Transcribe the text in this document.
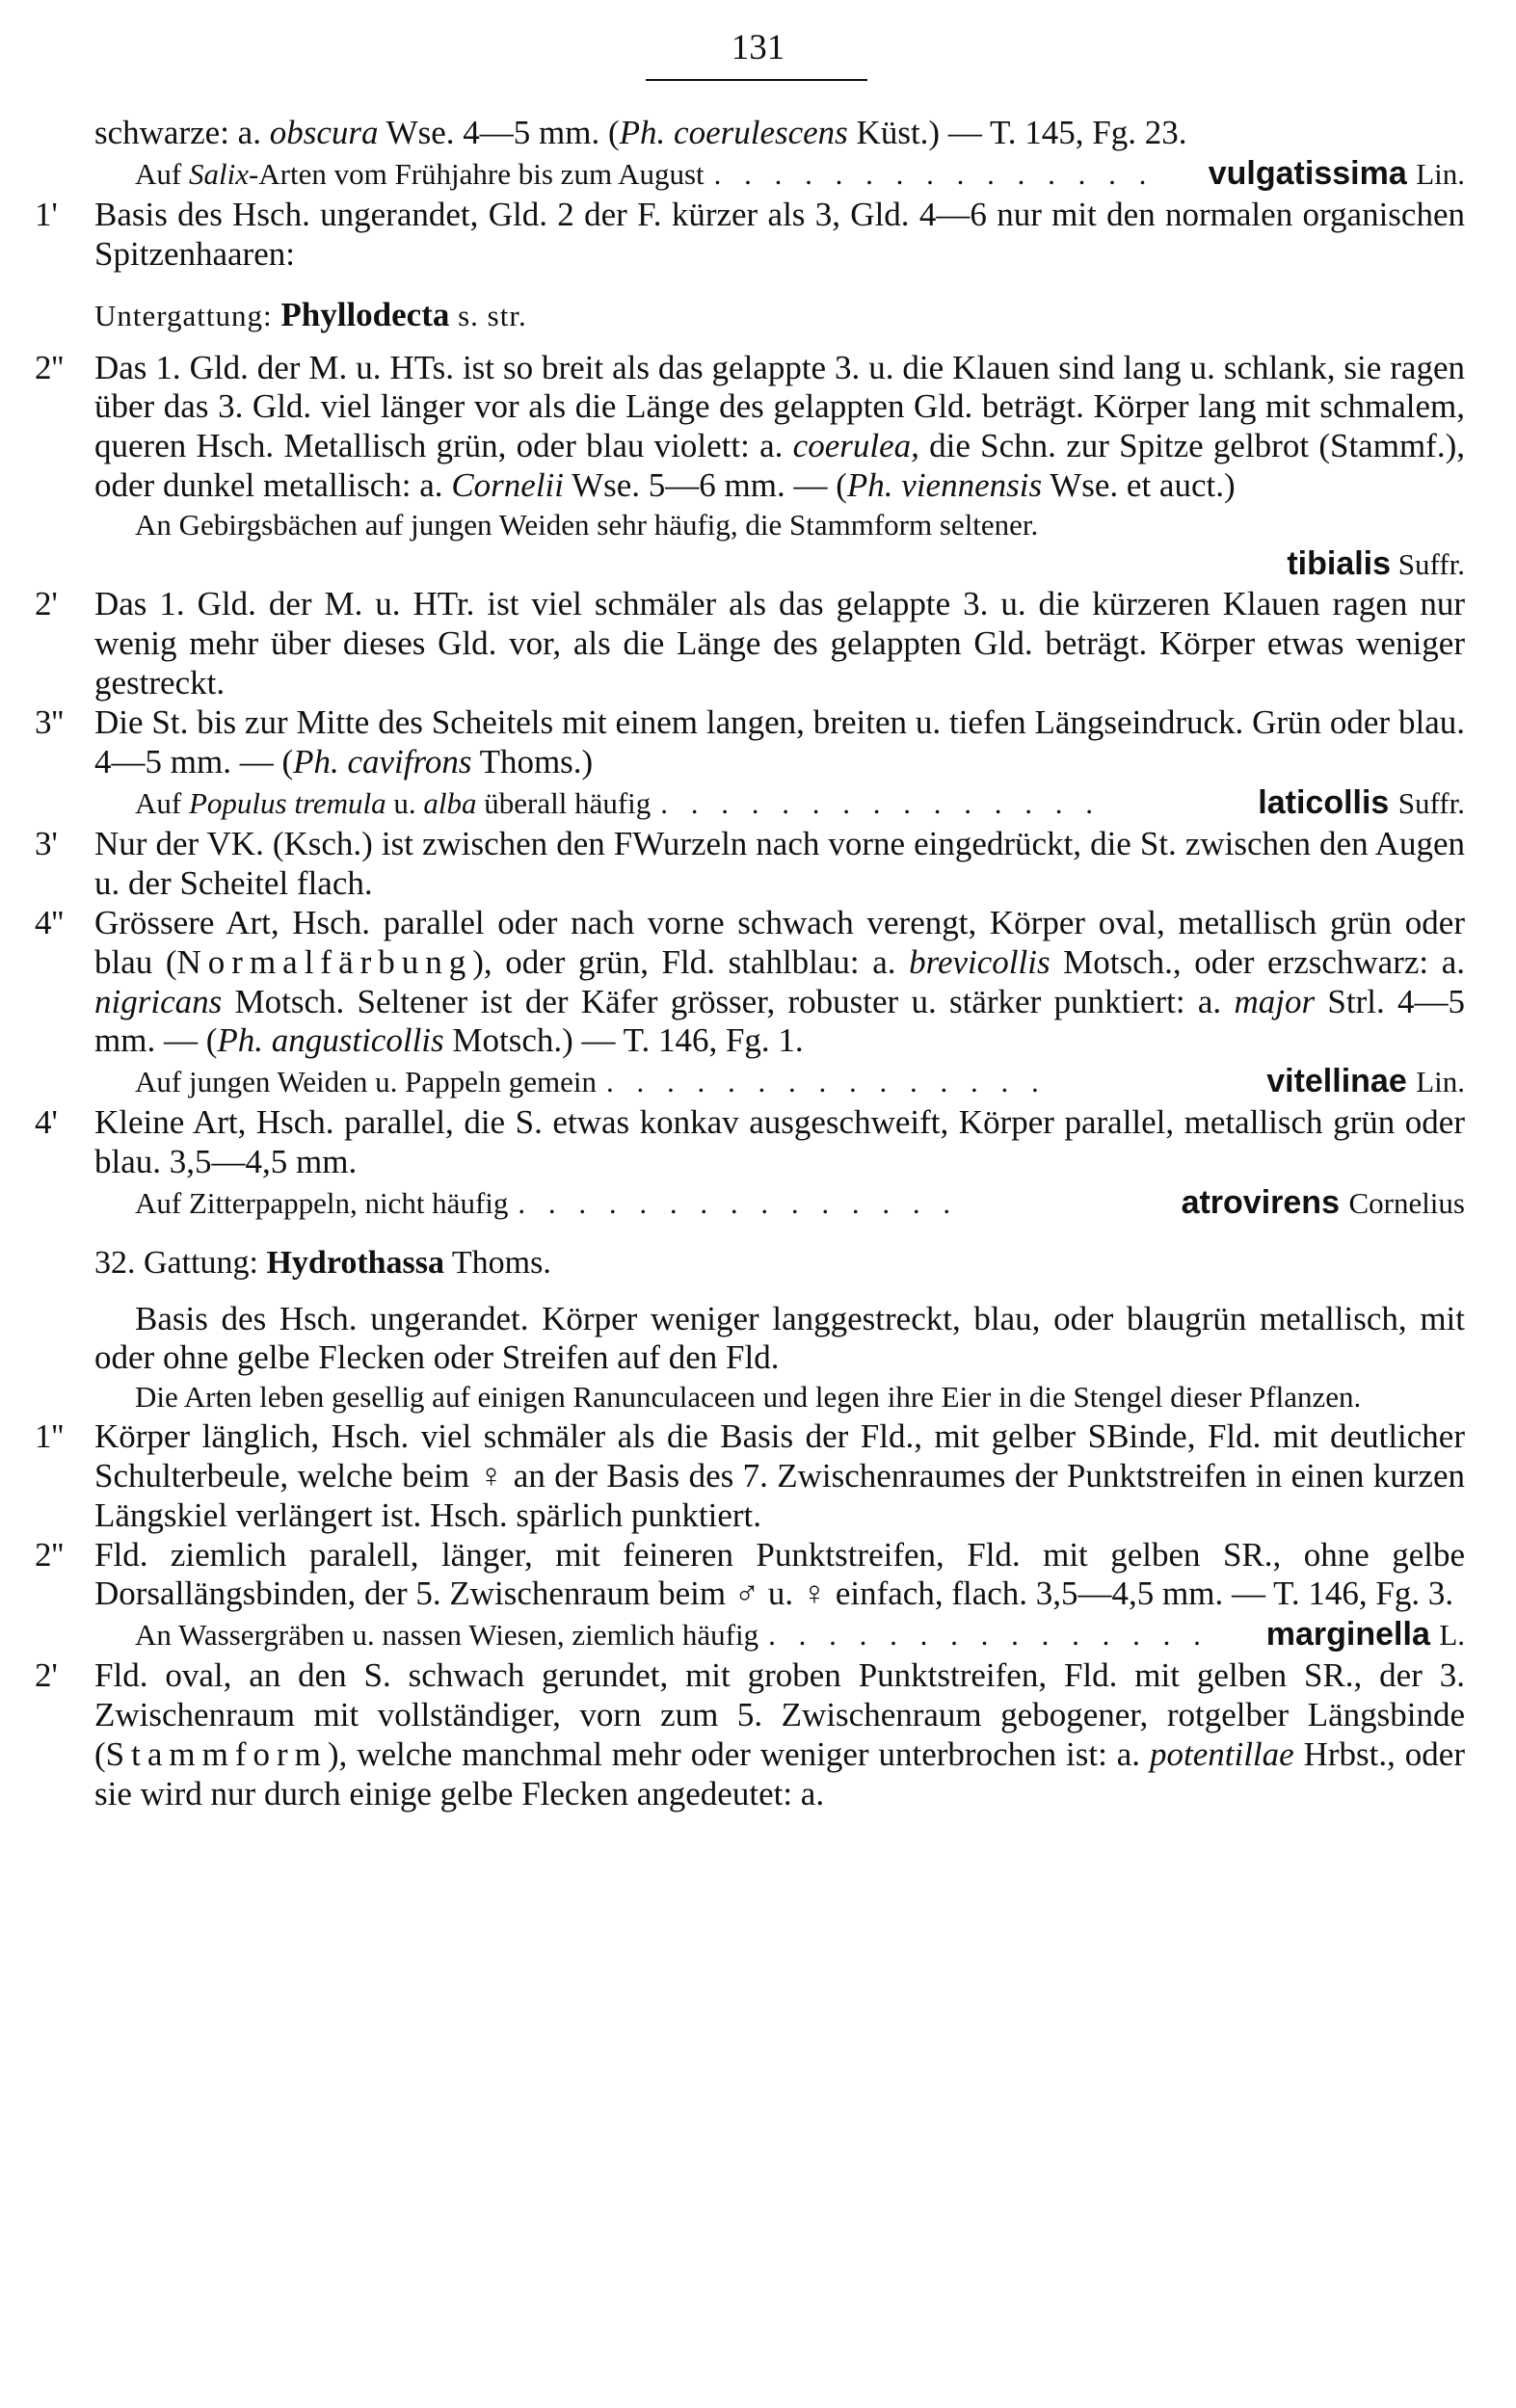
131

schwarze: a. obscura Wse. 4—5 mm. (Ph. coerulescens Küst.) — T. 145, Fg. 23.

Auf Salix-Arten vom Frühjahre bis zum August . . . . . . . . . . . . . . .	vulgatissima Lin.

1' Basis des Hsch. ungerandet, Gld. 2 der F. kürzer als 3, Gld. 4—6 nur mit den normalen organischen Spitzenhaaren:

Untergattung: Phyllodecta s. str.

2'' Das 1. Gld. der M. u. HTs. ist so breit als das gelappte 3. u. die Klauen sind lang u. schlank, sie ragen über das 3. Gld. viel länger vor als die Länge des gelappten Gld. beträgt. Körper lang mit schmalem, queren Hsch. Metallisch grün, oder blau violett: a. coerulea, die Schn. zur Spitze gelbrot (Stammf.), oder dunkel metallisch: a. Cornelii Wse. 5—6 mm. — (Ph. viennensis Wse. et auct.)

An Gebirgsbächen auf jungen Weiden sehr häufig, die Stammform seltener.

tibialis Suffr.

2' Das 1. Gld. der M. u. HTr. ist viel schmäler als das gelappte 3. u. die kürzeren Klauen ragen nur wenig mehr über dieses Gld. vor, als die Länge des gelappten Gld. beträgt. Körper etwas weniger gestreckt.

3'' Die St. bis zur Mitte des Scheitels mit einem langen, breiten u. tiefen Längseindruck. Grün oder blau. 4—5 mm. — (Ph. cavifrons Thoms.)

Auf Populus tremula u. alba überall häufig . . . . . . . . . . . . . . .	laticollis Suffr.

3' Nur der VK. (Ksch.) ist zwischen den FWurzeln nach vorne eingedrückt, die St. zwischen den Augen u. der Scheitel flach.

4'' Grössere Art, Hsch. parallel oder nach vorne schwach verengt, Körper oval, metallisch grün oder blau (Normalfärbung), oder grün, Fld. stahlblau: a. brevicollis Motsch., oder erzschwarz: a. nigricans Motsch. Seltener ist der Käfer grösser, robuster u. stärker punktiert: a. major Strl. 4—5 mm. — (Ph. angusticollis Motsch.) — T. 146, Fg. 1.

Auf jungen Weiden u. Pappeln gemein . . . . . . . . . . . . . . .	vitellinae Lin.

4' Kleine Art, Hsch. parallel, die S. etwas konkav ausgeschweift, Körper parallel, metallisch grün oder blau. 3,5—4,5 mm.

Auf Zitterpappeln, nicht häufig . . . . . . . . . . . . . . .	atrovirens Cornelius

32. Gattung: Hydrothassa Thoms.

Basis des Hsch. ungerandet. Körper weniger langgestreckt, blau, oder blaugrün metallisch, mit oder ohne gelbe Flecken oder Streifen auf den Fld.

Die Arten leben gesellig auf einigen Ranunculaceen und legen ihre Eier in die Stengel dieser Pflanzen.

1'' Körper länglich, Hsch. viel schmäler als die Basis der Fld., mit gelber SBinde, Fld. mit deutlicher Schulterbeule, welche beim ♀ an der Basis des 7. Zwischenraumes der Punktstreifen in einen kurzen Längskiel verlängert ist. Hsch. spärlich punktiert.

2'' Fld. ziemlich paralell, länger, mit feineren Punktstreifen, Fld. mit gelben SR., ohne gelbe Dorsallängsbinden, der 5. Zwischenraum beim ♂ u. ♀ einfach, flach. 3,5—4,5 mm. — T. 146, Fg. 3.

An Wassergräben u. nassen Wiesen, ziemlich häufig . . . . . . . . . . . . . . .	marginella L.

2' Fld. oval, an den S. schwach gerundet, mit groben Punktstreifen, Fld. mit gelben SR., der 3. Zwischenraum mit vollständiger, vorn zum 5. Zwischenraum gebogener, rotgelber Längsbinde (Stammform), welche manchmal mehr oder weniger unterbrochen ist: a. potentillae Hrbst., oder sie wird nur durch einige gelbe Flecken angedeutet: a.
